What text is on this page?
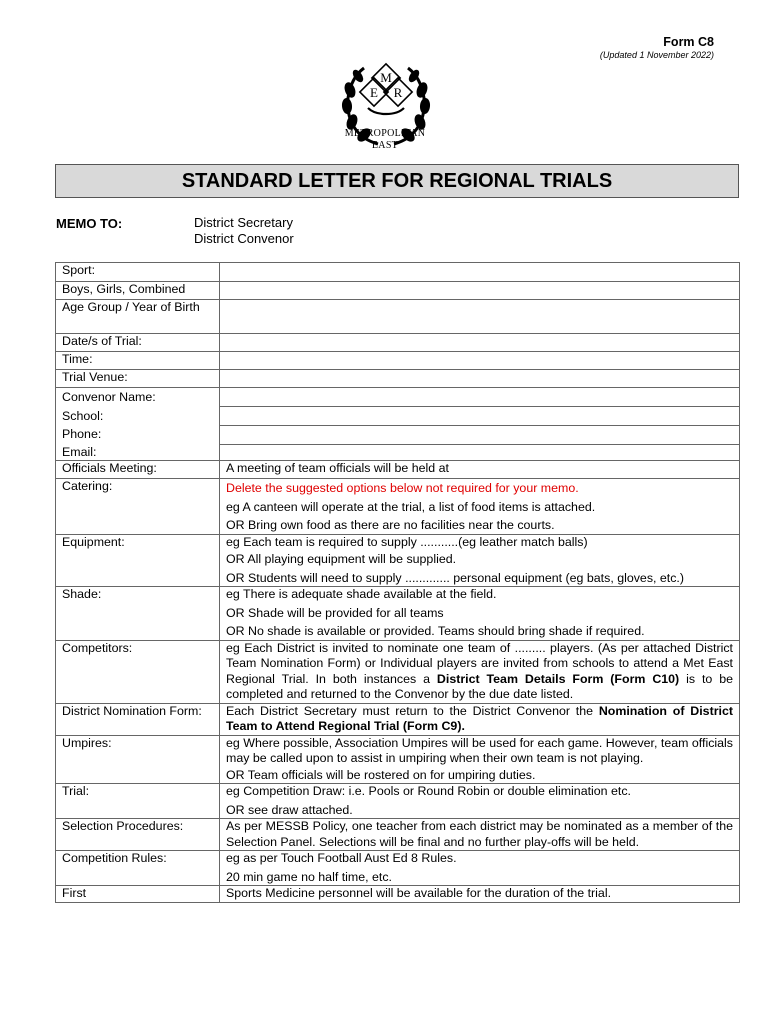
Form C8
(Updated 1 November 2022)
M
E R
METROPOLITAN
EAST
STANDARD LETTER FOR REGIONAL TRIALS
MEMO TO:	District Secretary
District Convenor
Sport:	
Boys, Girls, Combined	
Age Group / Year of Birth	
Date/s of Trial:	
Time:	
Trial Venue:	

Convenor Name:
School:
Phone:
Email:	

Officials Meeting:	A meeting of team officials will be held at
Catering:	Delete the suggested options below not required for your memo.
eg A canteen will operate at the trial, a list of food items is attached.
OR Bring own food as there are no facilities near the courts.

Equipment:	eg Each team is required to supply ...........(eg leather match balls)
OR All playing equipment will be supplied.
OR Students will need to supply ............. personal equipment (eg bats, gloves, etc.)

Shade:	eg There is adequate shade available at the field.
OR Shade will be provided for all teams
OR No shade is available or provided. Teams should bring shade if required.

Competitors:	eg Each District is invited to nominate one team of ......... players. (As per attached District Team Nomination Form) or Individual players are invited from schools to attend a Met East Regional Trial. In both instances a District Team Details Form (Form C10) is to be completed and returned to the Convenor by the due date listed.
District Nomination Form:	Each District Secretary must return to the District Convenor the Nomination of District Team to Attend Regional Trial (Form C9).
Umpires:	eg Where possible, Association Umpires will be used for each game. However, team officials may be called upon to assist in umpiring when their own team is not playing.
OR Team officials will be rostered on for umpiring duties.

Trial:	eg Competition Draw: i.e. Pools or Round Robin or double elimination etc.
OR see draw attached.

Selection Procedures:	As per MESSB Policy, one teacher from each district may be nominated as a member of the Selection Panel. Selections will be final and no further play-offs will be held.
Competition Rules:	eg as per Touch Football Aust Ed 8 Rules.
20 min game no half time, etc.

First	Sports Medicine personnel will be available for the duration of the trial.
